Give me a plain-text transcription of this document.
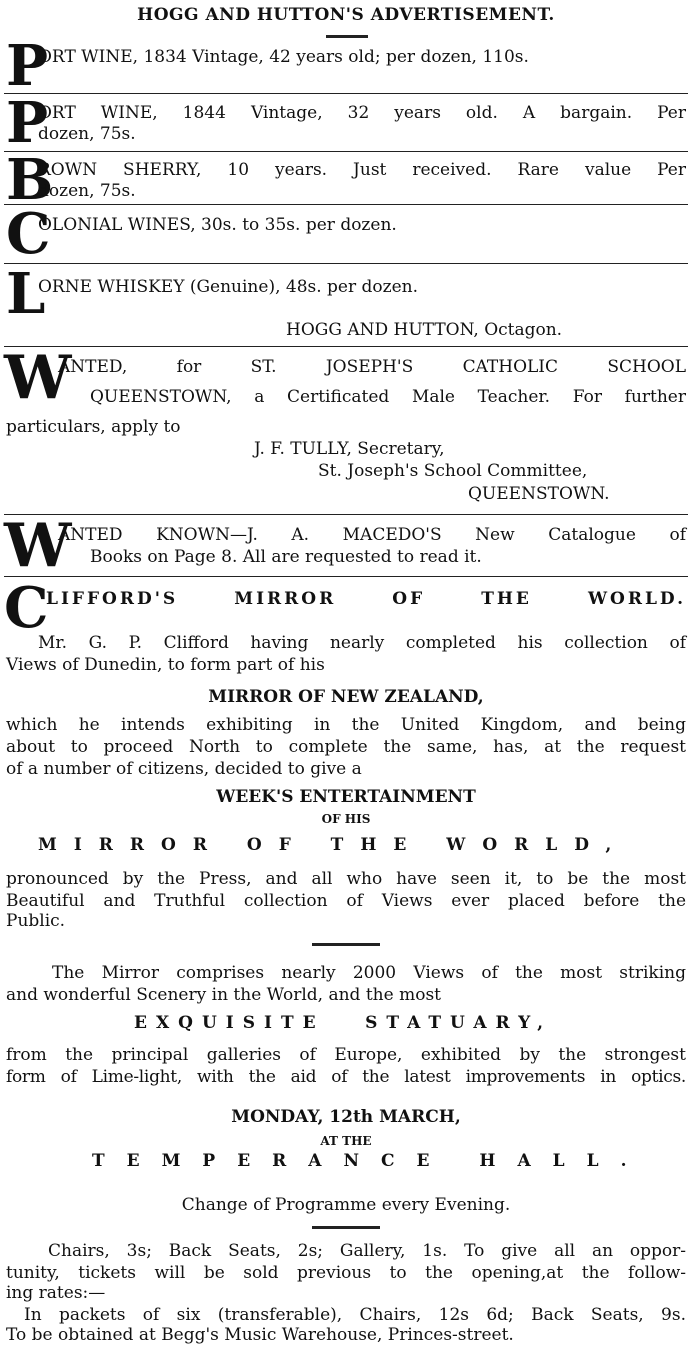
HOGG AND HUTTON'S ADVERTISEMENT.
P
ORT WINE, 1834 Vintage, 42 years old; per dozen, 110s.
P
ORT WINE, 1844 Vintage, 32 years old. A bargain. Per
dozen, 75s.
B
ROWN SHERRY, 10 years. Just received. Rare value Per
dozen, 75s.
C
OLONIAL WINES, 30s. to 35s. per dozen.
L
ORNE WHISKEY (Genuine), 48s. per dozen.
HOGG AND HUTTON, Octagon.
W
ANTED, for ST. JOSEPH'S CATHOLIC SCHOOL
QUEENSTOWN, a Certificated Male Teacher. For further
particulars, apply to
J. F. TULLY, Secretary,
St. Joseph's School Committee,
QUEENSTOWN.
W
ANTED KNOWN—J. A. MACEDO'S New Catalogue of
Books on Page 8. All are requested to read it.
C
LIFFORD'S MIRROR OF THE WORLD.
Mr. G. P. Clifford having nearly completed his collection of
Views of Dunedin, to form part of his
MIRROR OF NEW ZEALAND,
which he intends exhibiting in the United Kingdom, and being
about to proceed North to complete the same, has, at the request
of a number of citizens, decided to give a
WEEK'S ENTERTAINMENT
OF HIS
MIRROR OF THE WORLD,
pronounced by the Press, and all who have seen it, to be the most
Beautiful and Truthful collection of Views ever placed before the
Public.
The Mirror comprises nearly 2000 Views of the most striking
and wonderful Scenery in the World, and the most
EXQUISITE STATUARY,
from the principal galleries of Europe, exhibited by the strongest
form of Lime-light, with the aid of the latest improvements in optics.
MONDAY, 12th MARCH,
AT THE
TEMPERANCE HALL.
Change of Programme every Evening.
Chairs, 3s; Back Seats, 2s; Gallery, 1s. To give all an oppor-
tunity, tickets will be sold previous to the opening,at the follow-
ing rates:—
In packets of six (transferable), Chairs, 12s 6d; Back Seats, 9s.
To be obtained at Begg's Music Warehouse, Princes-street.
